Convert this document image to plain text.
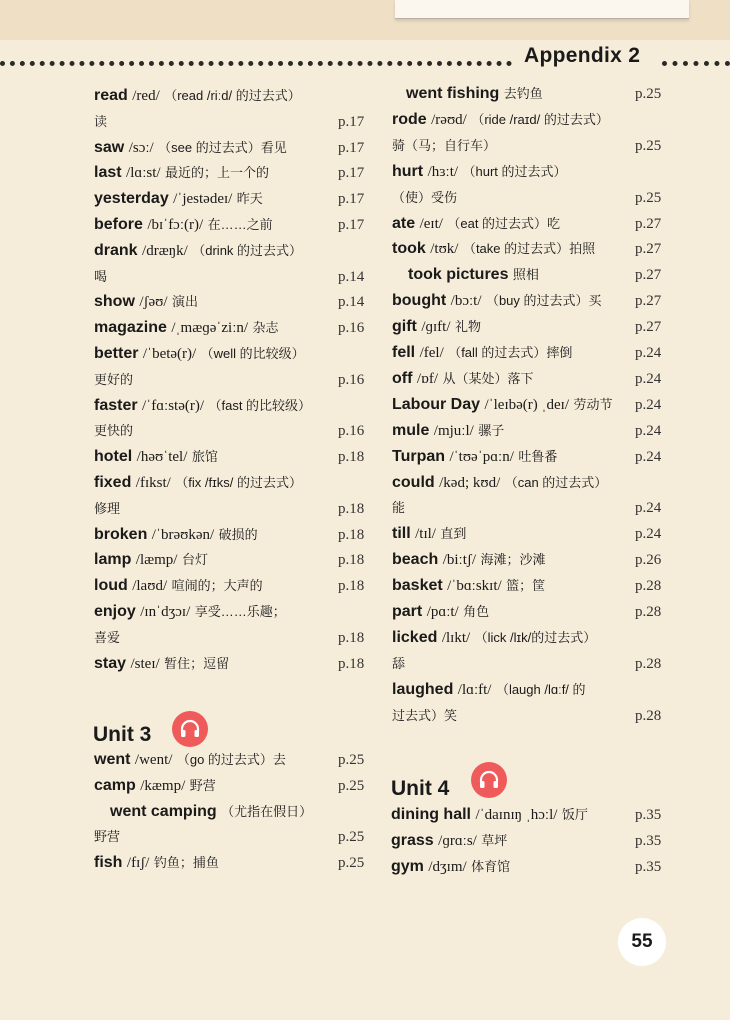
Appendix 2
read /red/ （read /riːd/ 的过去式）
读	p.17
saw /sɔː/ （see 的过去式）看见	p.17
last /lɑːst/ 最近的；上一个的	p.17
yesterday /ˈjestədeɪ/ 昨天	p.17
before /bɪˈfɔː(r)/ 在……之前	p.17
drank /dræŋk/ （drink 的过去式）
喝	p.14
show /ʃəʊ/ 演出	p.14
magazine /ˌmæɡəˈziːn/ 杂志	p.16
better /ˈbetə(r)/ （well 的比较级）
更好的	p.16
faster /ˈfɑːstə(r)/ （fast 的比较级）
更快的	p.16
hotel /həʊˈtel/ 旅馆	p.18
fixed /fɪkst/ （fix /fɪks/ 的过去式）
修理	p.18
broken /ˈbrəʊkən/ 破损的	p.18
lamp /læmp/ 台灯	p.18
loud /laʊd/ 喧闹的；大声的	p.18
enjoy /ɪnˈdʒɔɪ/ 享受……乐趣；
喜爱	p.18
stay /steɪ/ 暂住；逗留	p.18
Unit 3
went /went/ （go 的过去式）去	p.25
camp /kæmp/ 野营	p.25
went camping （尤指在假日）
野营	p.25
fish /fɪʃ/ 钓鱼；捕鱼	p.25
went fishing 去钓鱼	p.25
rode /rəʊd/ （ride /raɪd/ 的过去式）
骑（马；自行车）	p.25
hurt /hɜːt/ （hurt 的过去式）
（使）受伤	p.25
ate /eɪt/ （eat 的过去式）吃	p.27
took /tʊk/ （take 的过去式）拍照	p.27
took pictures 照相	p.27
bought /bɔːt/ （buy 的过去式）买 p.27
gift /ɡɪft/ 礼物	p.27
fell /fel/ （fall 的过去式）摔倒	p.24
off /ɒf/ 从（某处）落下	p.24
Labour Day /ˈleɪbə(r) ˌdeɪ/ 劳动节 p.24
mule /mjuːl/ 骡子	p.24
Turpan /ˈtʊəˈpɑːn/ 吐鲁番	p.24
could /kəd; kʊd/ （can 的过去式）
能	p.24
till /tɪl/ 直到	p.24
beach /biːtʃ/ 海滩；沙滩	p.26
basket /ˈbɑːskɪt/ 篮；筐	p.28
part /pɑːt/ 角色	p.28
licked /lɪkt/ （lick /lɪk/的过去式）
舔	p.28
laughed /lɑːft/ （laugh /lɑːf/ 的
过去式）笑	p.28
Unit 4
dining hall /ˈdaɪnɪŋ ˌhɔːl/ 饭厅	p.35
grass /ɡrɑːs/ 草坪	p.35
gym /dʒɪm/ 体育馆	p.35
55
